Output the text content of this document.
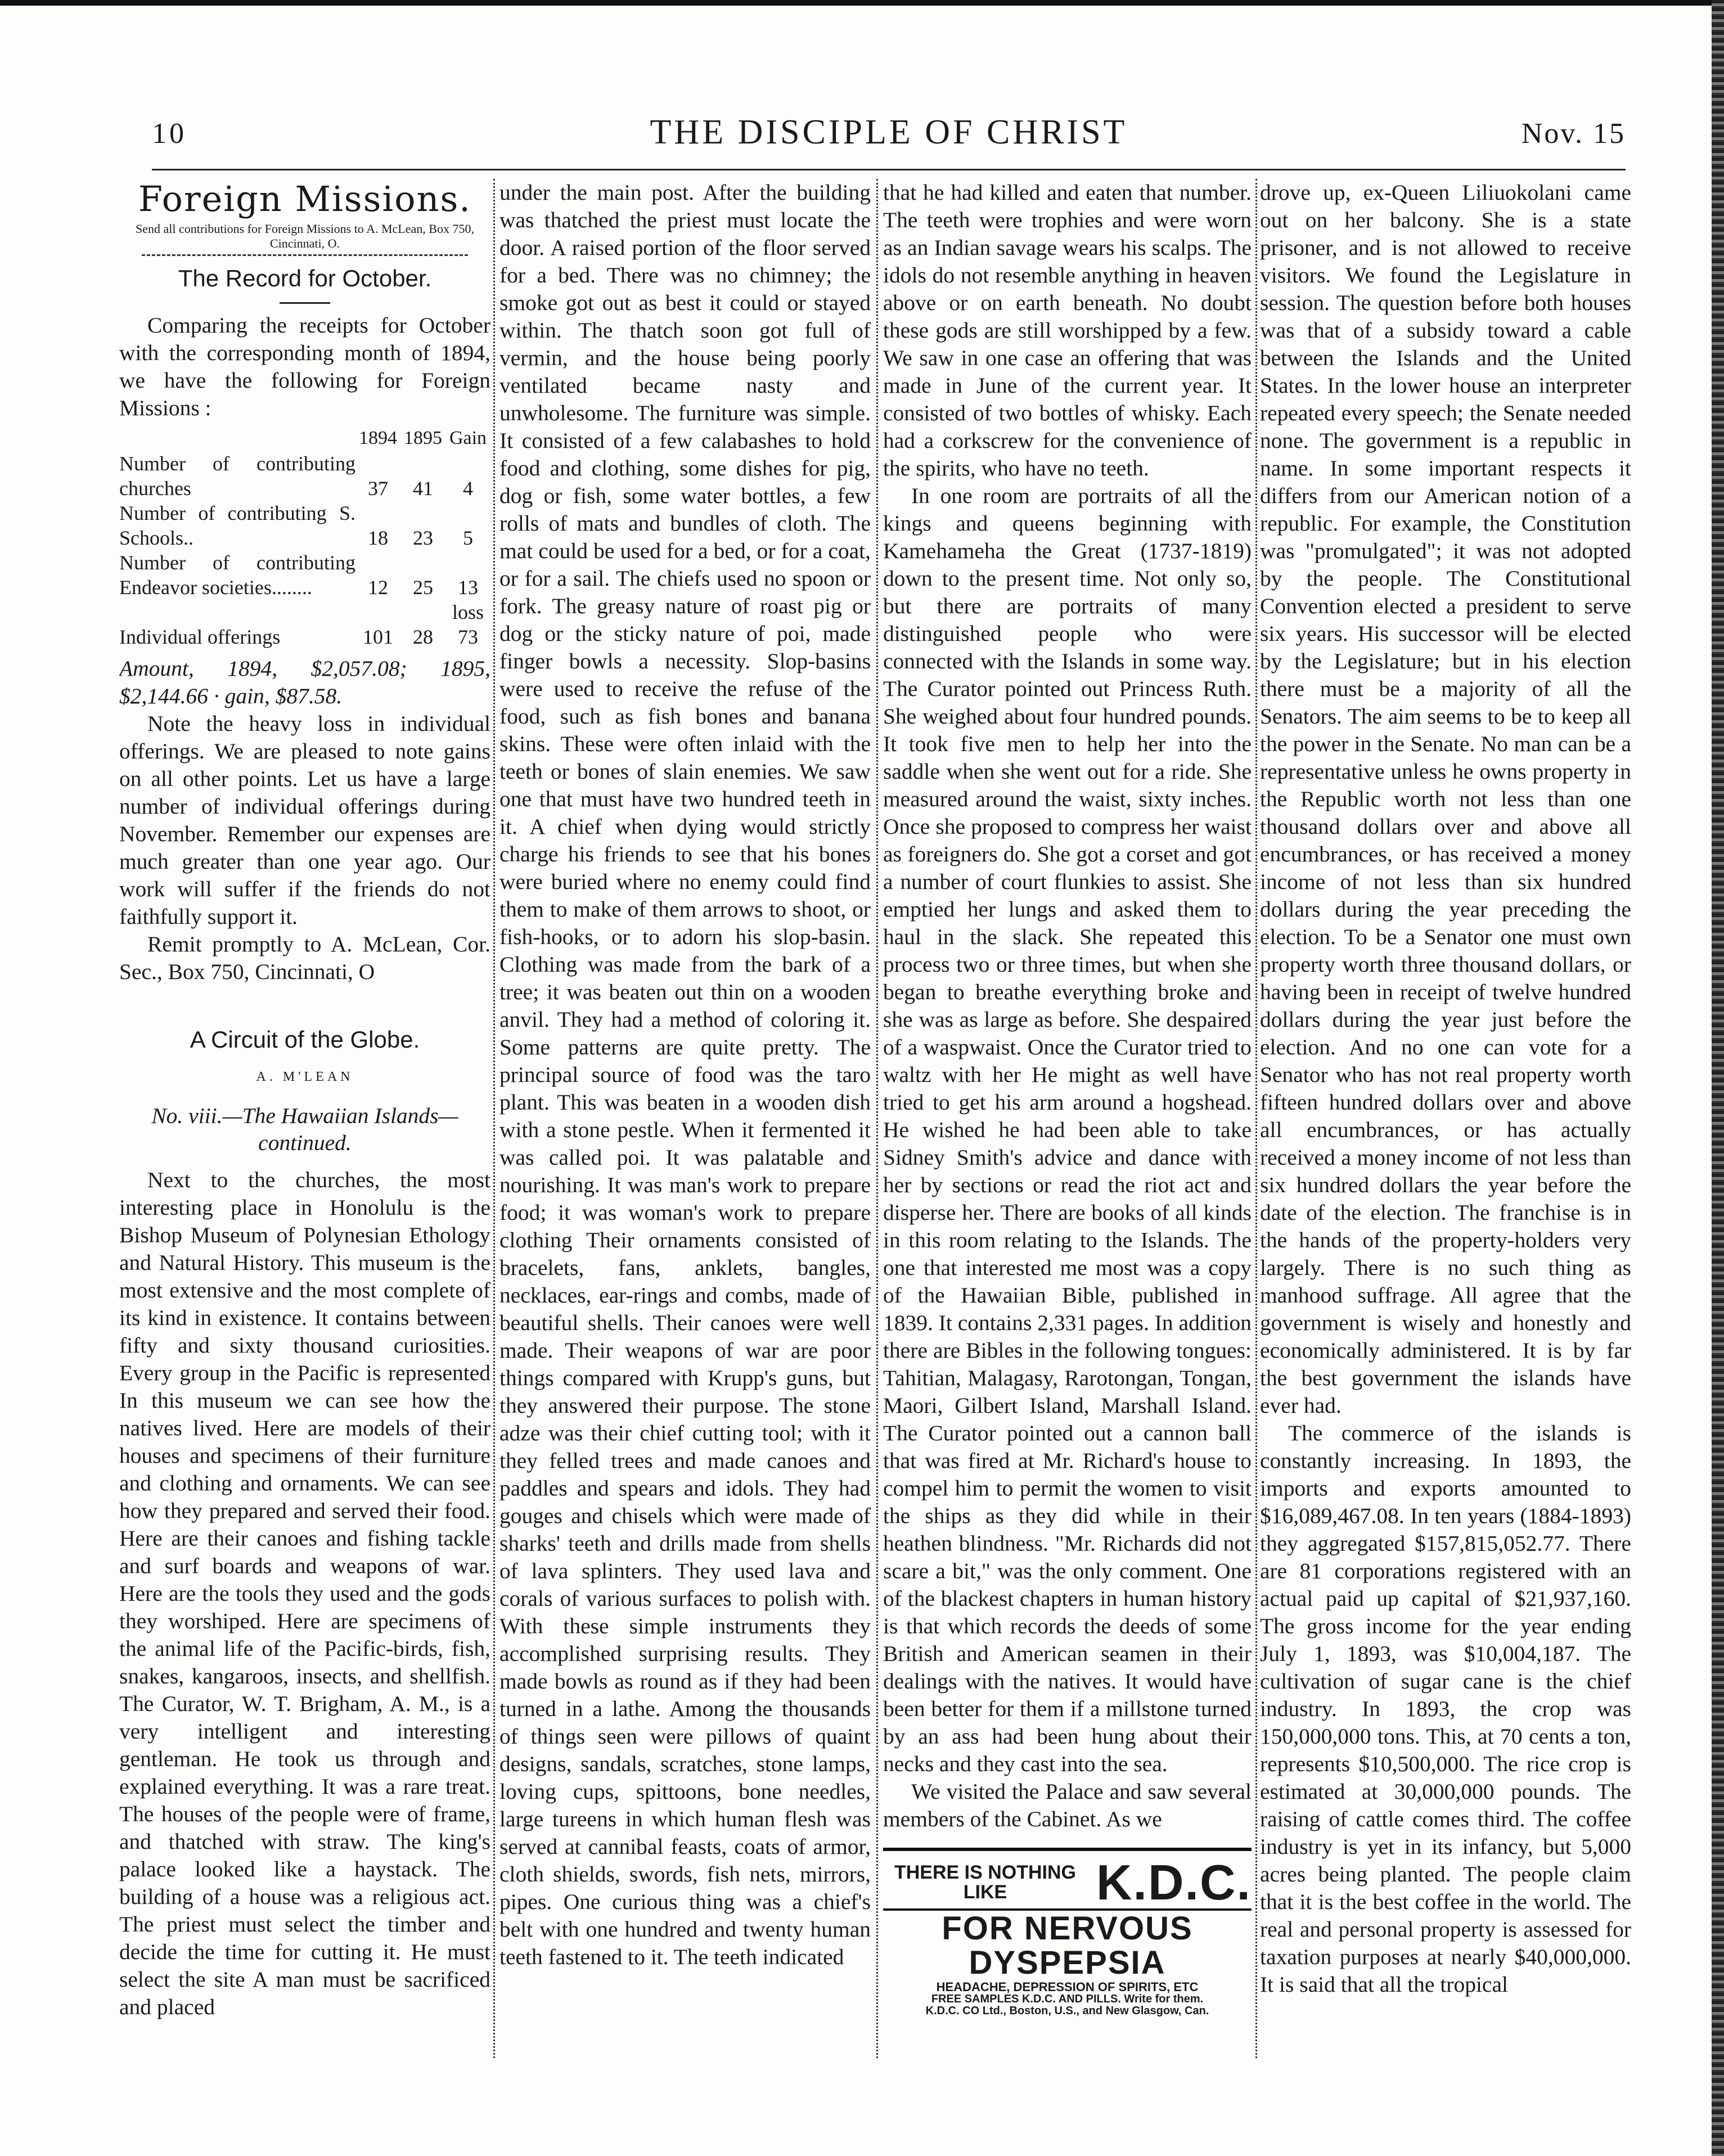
10	THE DISCIPLE OF CHRIST	Nov. 15
Foreign Missions.
Send all contributions for Foreign Missions to A. McLean, Box 750, Cincinnati, O.
The Record for October.

Comparing the receipts for October with the corresponding month of 1894, we have the following for Foreign Missions :

	1894	1895	Gain
Number of contributing churches	37	41	4
Number of contributing S. Schools..	18	23	5
Number of contributing Endeavor societies........	12	25	13
Individual offerings	101	28	loss 73

Amount, 1894, $2,057.08; 1895, $2,144.66 · gain, $87.58.

Note the heavy loss in individual offerings. We are pleased to note gains on all other points. Let us have a large number of individual offerings during November. Remember our expenses are much greater than one year ago. Our work will suffer if the friends do not faithfully support it.

Remit promptly to A. McLean, Cor. Sec., Box 750, Cincinnati, O

A Circuit of the Globe.
A. M'LEAN
No. viii.—The Hawaiian Islands—continued.

Next to the churches, the most interesting place in Honolulu is the Bishop Museum of Polynesian Ethology and Natural History. This museum is the most extensive and the most complete of its kind in existence. It contains between fifty and sixty thousand curiosities. Every group in the Pacific is represented In this museum we can see how the natives lived. Here are models of their houses and specimens of their furniture and clothing and ornaments. We can see how they prepared and served their food. Here are their canoes and fishing tackle and surf boards and weapons of war. Here are the tools they used and the gods they worshiped. Here are specimens of the animal life of the Pacific-birds, fish, snakes, kangaroos, insects, and shellfish. The Curator, W. T. Brigham, A. M., is a very intelligent and interesting gentleman. He took us through and explained everything. It was a rare treat. The houses of the people were of frame, and thatched with straw. The king's palace looked like a haystack. The building of a house was a religious act. The priest must select the timber and decide the time for cutting it. He must select the site A man must be sacrificed and placed

under the main post. After the building was thatched the priest must locate the door. A raised portion of the floor served for a bed. There was no chimney; the smoke got out as best it could or stayed within. The thatch soon got full of vermin, and the house being poorly ventilated became nasty and unwholesome. The furniture was simple. It consisted of a few calabashes to hold food and clothing, some dishes for pig, dog or fish, some water bottles, a few rolls of mats and bundles of cloth. The mat could be used for a bed, or for a coat, or for a sail. The chiefs used no spoon or fork. The greasy nature of roast pig or dog or the sticky nature of poi, made finger bowls a necessity. Slop-basins were used to receive the refuse of the food, such as fish bones and banana skins. These were often inlaid with the teeth or bones of slain enemies. We saw one that must have two hundred teeth in it. A chief when dying would strictly charge his friends to see that his bones were buried where no enemy could find them to make of them arrows to shoot, or fish-hooks, or to adorn his slop-basin. Clothing was made from the bark of a tree; it was beaten out thin on a wooden anvil. They had a method of coloring it. Some patterns are quite pretty. The principal source of food was the taro plant. This was beaten in a wooden dish with a stone pestle. When it fermented it was called poi. It was palatable and nourishing. It was man's work to prepare food; it was woman's work to prepare clothing Their ornaments consisted of bracelets, fans, anklets, bangles, necklaces, ear-rings and combs, made of beautiful shells. Their canoes were well made. Their weapons of war are poor things compared with Krupp's guns, but they answered their purpose. The stone adze was their chief cutting tool; with it they felled trees and made canoes and paddles and spears and idols. They had gouges and chisels which were made of sharks' teeth and drills made from shells of lava splinters. They used lava and corals of various surfaces to polish with. With these simple instruments they accomplished surprising results. They made bowls as round as if they had been turned in a lathe. Among the thousands of things seen were pillows of quaint designs, sandals, scratches, stone lamps, loving cups, spittoons, bone needles, large tureens in which human flesh was served at cannibal feasts, coats of armor, cloth shields, swords, fish nets, mirrors, pipes. One curious thing was a chief's belt with one hundred and twenty human teeth fastened to it. The teeth indicated

that he had killed and eaten that number. The teeth were trophies and were worn as an Indian savage wears his scalps. The idols do not resemble anything in heaven above or on earth beneath. No doubt these gods are still worshipped by a few. We saw in one case an offering that was made in June of the current year. It consisted of two bottles of whisky. Each had a corkscrew for the convenience of the spirits, who have no teeth.

In one room are portraits of all the kings and queens beginning with Kamehameha the Great (1737-1819) down to the present time. Not only so, but there are portraits of many distinguished people who were connected with the Islands in some way. The Curator pointed out Princess Ruth. She weighed about four hundred pounds. It took five men to help her into the saddle when she went out for a ride. She measured around the waist, sixty inches. Once she proposed to compress her waist as foreigners do. She got a corset and got a number of court flunkies to assist. She emptied her lungs and asked them to haul in the slack. She repeated this process two or three times, but when she began to breathe everything broke and she was as large as before. She despaired of a waspwaist. Once the Curator tried to waltz with her He might as well have tried to get his arm around a hogshead. He wished he had been able to take Sidney Smith's advice and dance with her by sections or read the riot act and disperse her. There are books of all kinds in this room relating to the Islands. The one that interested me most was a copy of the Hawaiian Bible, published in 1839. It contains 2,331 pages. In addition there are Bibles in the following tongues: Tahitian, Malagasy, Rarotongan, Tongan, Maori, Gilbert Island, Marshall Island. The Curator pointed out a cannon ball that was fired at Mr. Richard's house to compel him to permit the women to visit the ships as they did while in their heathen blindness. "Mr. Richards did not scare a bit," was the only comment. One of the blackest chapters in human history is that which records the deeds of some British and American seamen in their dealings with the natives. It would have been better for them if a millstone turned by an ass had been hung about their necks and they cast into the sea.

We visited the Palace and saw several members of the Cabinet. As we

THERE IS NOTHING LIKE	K.D.C.
FOR NERVOUS DYSPEPSIA
HEADACHE, DEPRESSION OF SPIRITS, ETC
FREE SAMPLES K.D.C. AND PILLS. Write for them.
K.D.C. CO Ltd., Boston, U.S., and New Glasgow, Can.

drove up, ex-Queen Liliuokolani came out on her balcony. She is a state prisoner, and is not allowed to receive visitors. We found the Legislature in session. The question before both houses was that of a subsidy toward a cable between the Islands and the United States. In the lower house an interpreter repeated every speech; the Senate needed none. The government is a republic in name. In some important respects it differs from our American notion of a republic. For example, the Constitution was "promulgated"; it was not adopted by the people. The Constitutional Convention elected a president to serve six years. His successor will be elected by the Legislature; but in his election there must be a majority of all the Senators. The aim seems to be to keep all the power in the Senate. No man can be a representative unless he owns property in the Republic worth not less than one thousand dollars over and above all encumbrances, or has received a money income of not less than six hundred dollars during the year preceding the election. To be a Senator one must own property worth three thousand dollars, or having been in receipt of twelve hundred dollars during the year just before the election. And no one can vote for a Senator who has not real property worth fifteen hundred dollars over and above all encumbrances, or has actually received a money income of not less than six hundred dollars the year before the date of the election. The franchise is in the hands of the property-holders very largely. There is no such thing as manhood suffrage. All agree that the government is wisely and honestly and economically administered. It is by far the best government the islands have ever had.

The commerce of the islands is constantly increasing. In 1893, the imports and exports amounted to $16,089,467.08. In ten years (1884-1893) they aggregated $157,815,052.77. There are 81 corporations registered with an actual paid up capital of $21,937,160. The gross income for the year ending July 1, 1893, was $10,004,187. The cultivation of sugar cane is the chief industry. In 1893, the crop was 150,000,000 tons. This, at 70 cents a ton, represents $10,500,000. The rice crop is estimated at 30,000,000 pounds. The raising of cattle comes third. The coffee industry is yet in its infancy, but 5,000 acres being planted. The people claim that it is the best coffee in the world. The real and personal property is assessed for taxation purposes at nearly $40,000,000. It is said that all the tropical
